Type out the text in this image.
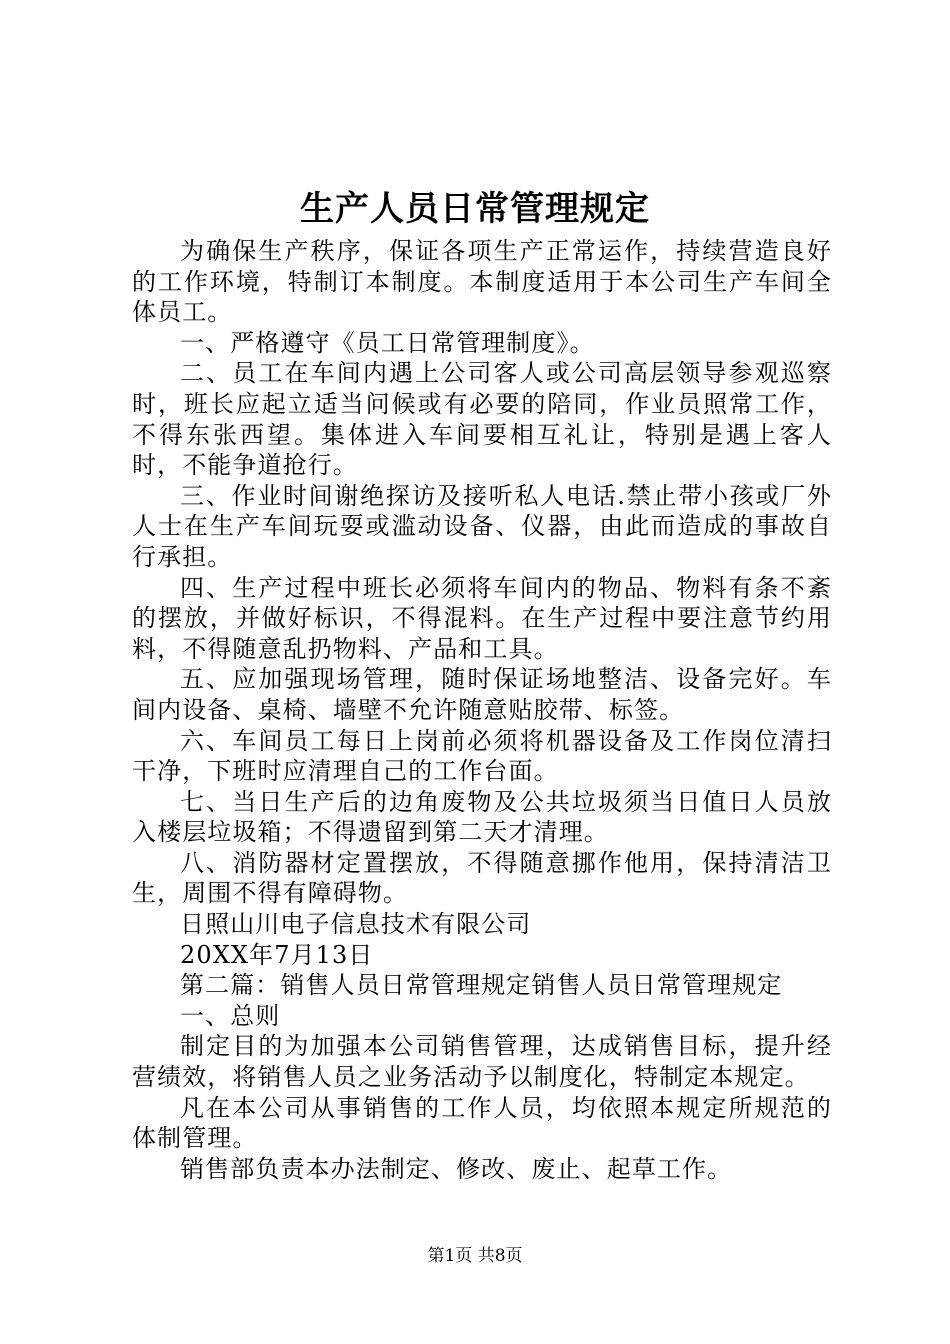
生产人员日常管理规定

为确保生产秩序，保证各项生产正常运作，持续营造良好的工作环境，特制订本制度。本制度适用于本公司生产车间全体员工。

一、严格遵守《员工日常管理制度》。

二、员工在车间内遇上公司客人或公司高层领导参观巡察时，班长应起立适当问候或有必要的陪同，作业员照常工作，不得东张西望。集体进入车间要相互礼让，特别是遇上客人时，不能争道抢行。

三、作业时间谢绝探访及接听私人电话.禁止带小孩或厂外人士在生产车间玩耍或滥动设备、仪器，由此而造成的事故自行承担。

四、生产过程中班长必须将车间内的物品、物料有条不紊的摆放，并做好标识，不得混料。在生产过程中要注意节约用料，不得随意乱扔物料、产品和工具。

五、应加强现场管理，随时保证场地整洁、设备完好。车间内设备、桌椅、墙壁不允许随意贴胶带、标签。

六、车间员工每日上岗前必须将机器设备及工作岗位清扫干净，下班时应清理自己的工作台面。

七、当日生产后的边角废物及公共垃圾须当日值日人员放入楼层垃圾箱；不得遗留到第二天才清理。

八、消防器材定置摆放，不得随意挪作他用，保持清洁卫生，周围不得有障碍物。

日照山川电子信息技术有限公司

20XX年7月13日

第二篇：销售人员日常管理规定销售人员日常管理规定

一、总则

制定目的为加强本公司销售管理，达成销售目标，提升经营绩效，将销售人员之业务活动予以制度化，特制定本规定。

凡在本公司从事销售的工作人员，均依照本规定所规范的体制管理。

销售部负责本办法制定、修改、废止、起草工作。

第1页 共8页
